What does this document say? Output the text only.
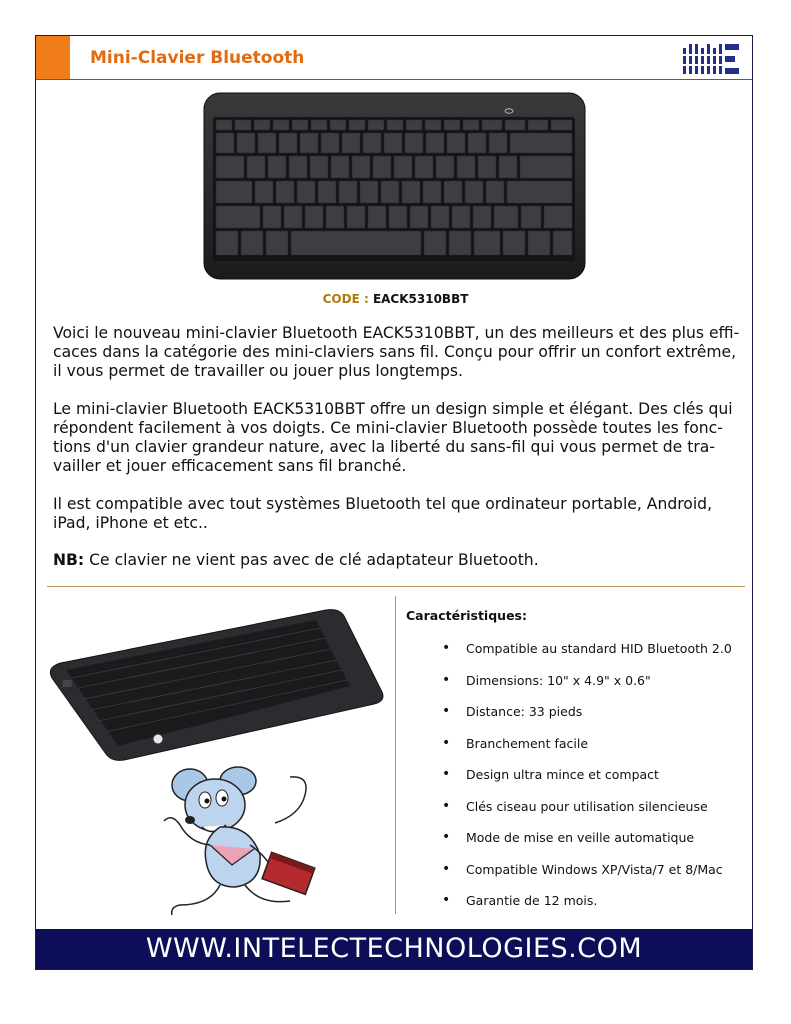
Mini-Clavier Bluetooth
CODE : EACK5310BBT

Voici le nouveau mini-clavier Bluetooth EACK5310BBT, un des meilleurs et des plus effi-caces dans la catégorie des mini-claviers sans fil. Conçu pour offrir un confort extrême, il vous permet de travailler ou jouer plus longtemps.

Le mini-clavier Bluetooth EACK5310BBT offre un design simple et élégant. Des clés qui répondent facilement à vos doigts. Ce mini-clavier Bluetooth possède toutes les fonc-tions d'un clavier grandeur nature, avec la liberté du sans-fil qui vous permet de tra-vailler et jouer efficacement sans fil branché.

Il est compatible avec tout systèmes Bluetooth tel que ordinateur portable, Android, iPad, iPhone et etc..

NB: Ce clavier ne vient pas avec de clé adaptateur Bluetooth.

Caractéristiques:
• Compatible au standard HID Bluetooth 2.0
• Dimensions: 10" x 4.9" x 0.6"
• Distance: 33 pieds
• Branchement facile
• Design ultra mince et compact
• Clés ciseau pour utilisation silencieuse
• Mode de mise en veille automatique
• Compatible Windows XP/Vista/7 et 8/Mac
• Garantie de 12 mois.
WWW.INTELECTECHNOLOGIES.COM
